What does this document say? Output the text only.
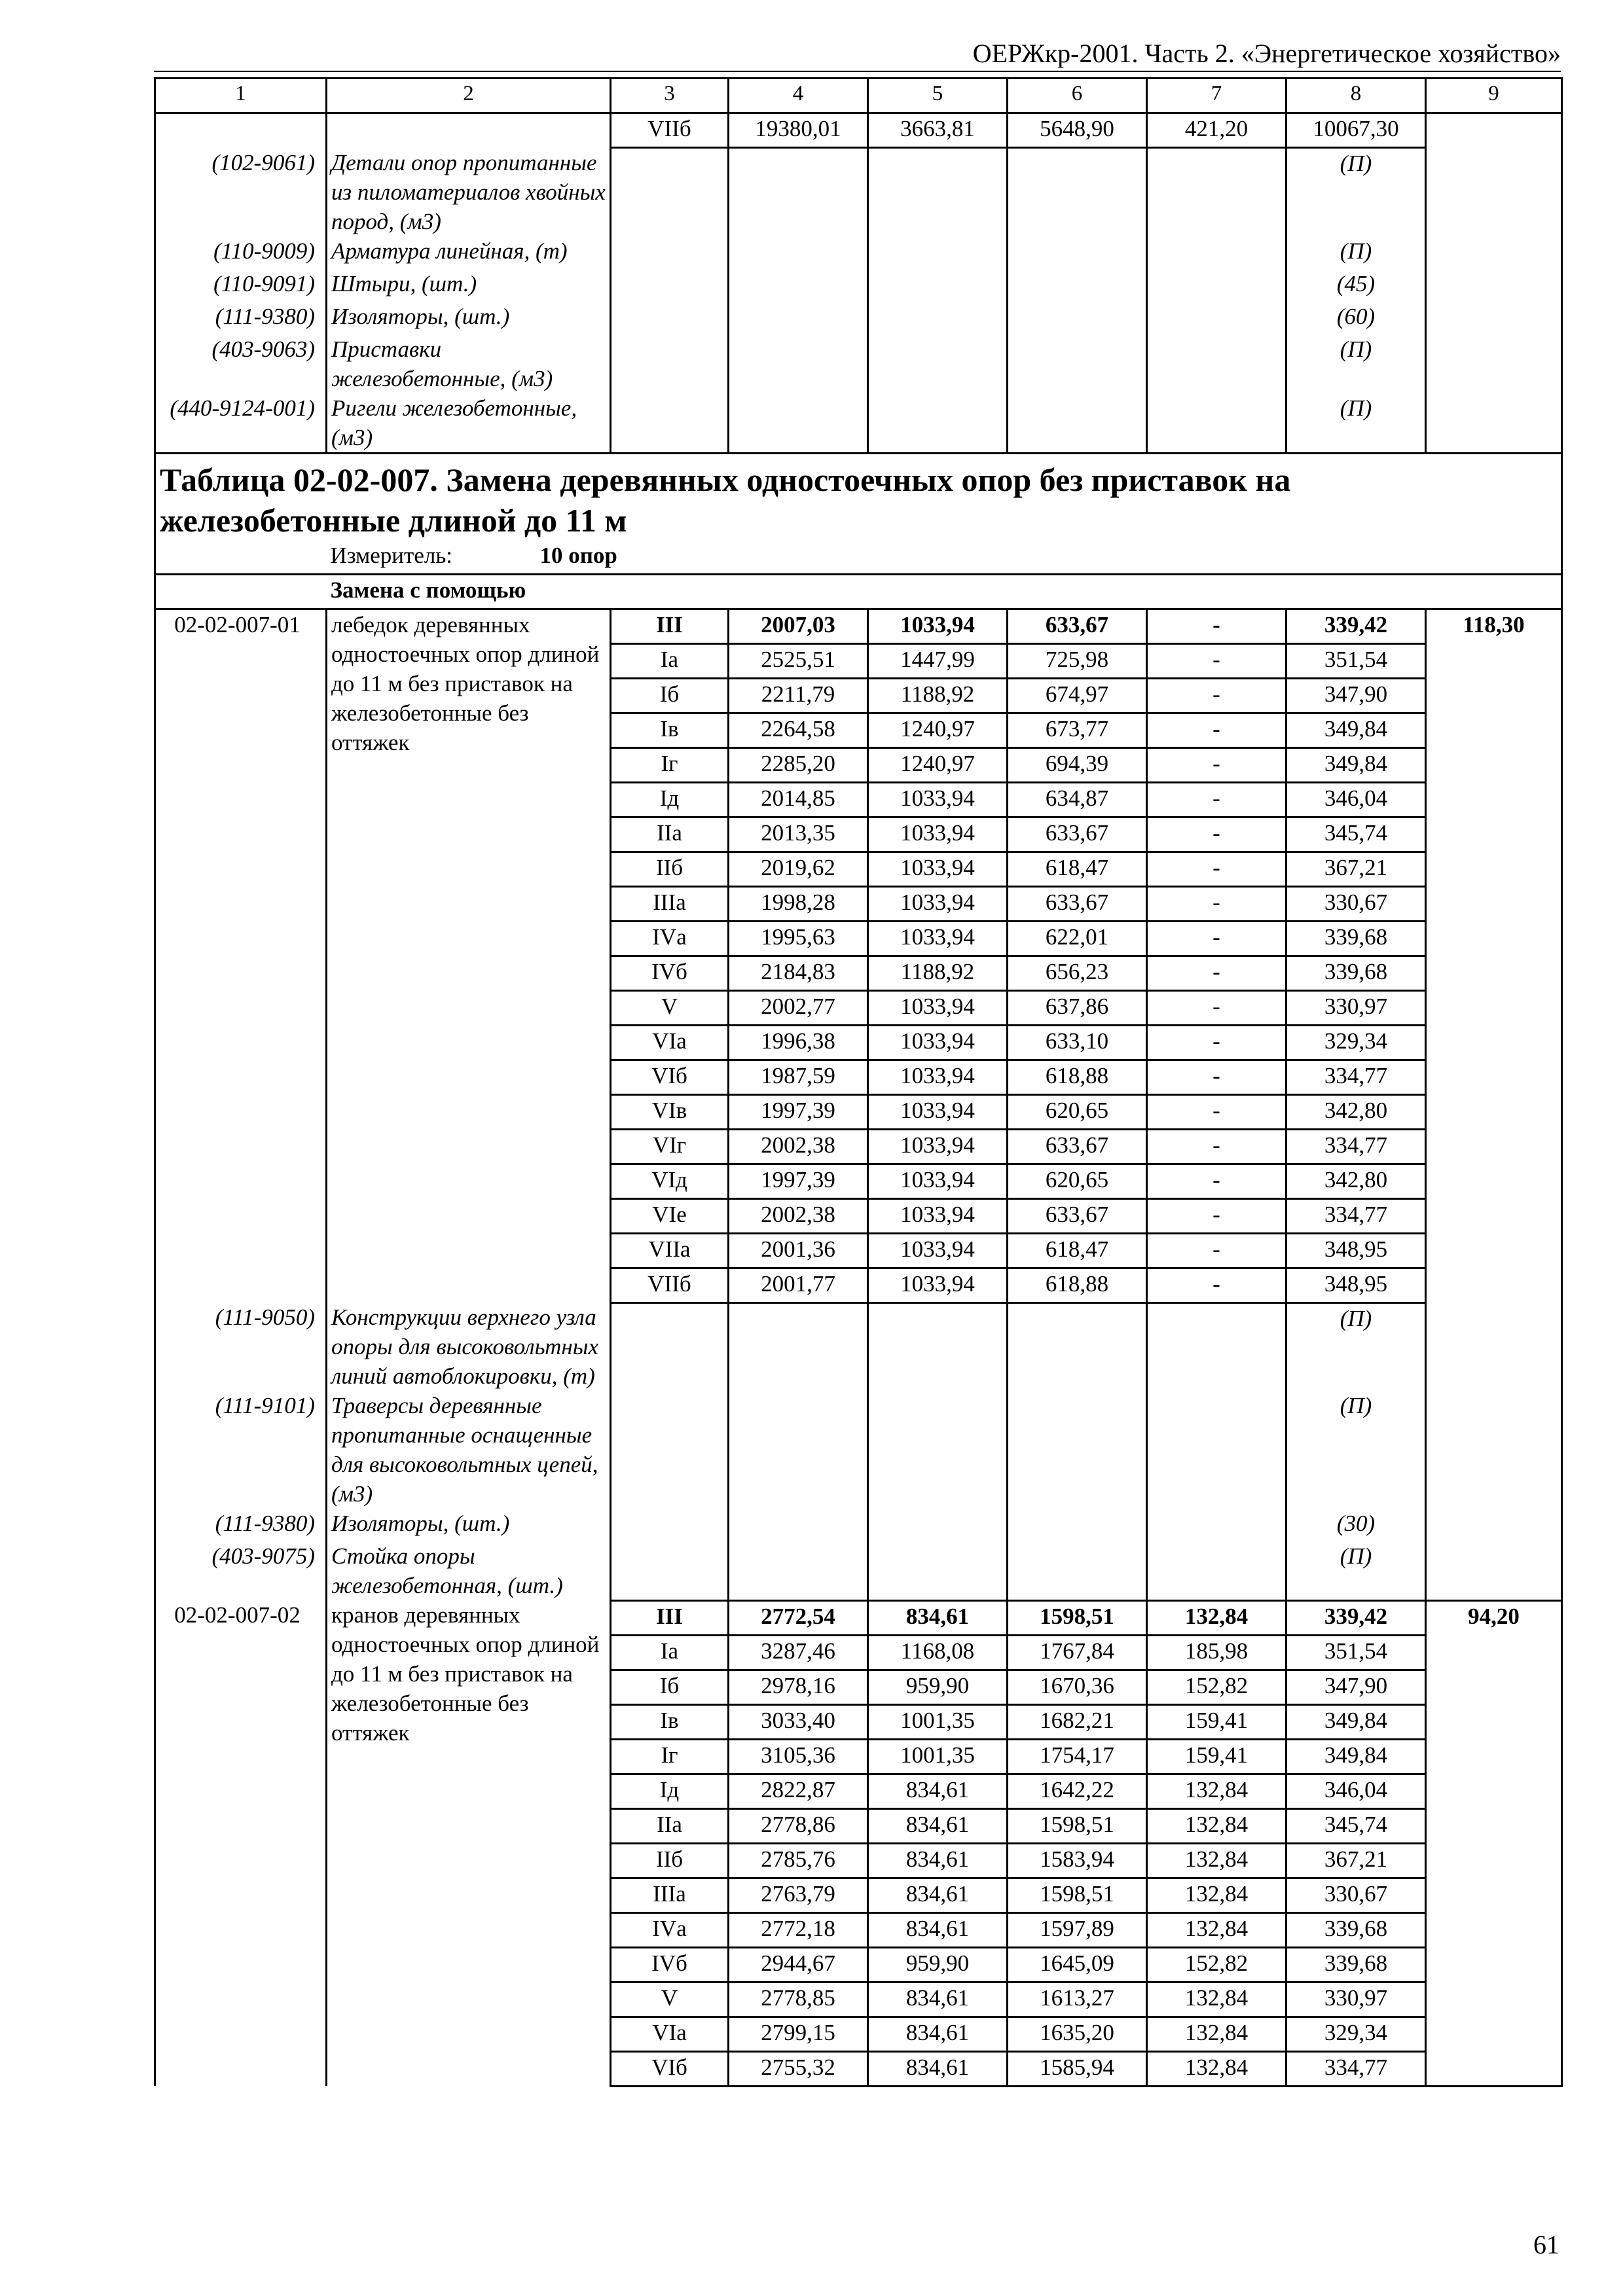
ОЕРЖкр-2001. Часть 2. «Энергетическое хозяйство»
1	2	3	4	5	6	7	8	9
		VIIб	19380,01	3663,81	5648,90	421,20	10067,30	
(102-9061)	Детали опор пропитанные из пиломатериалов хвойных пород, (м3)						(П)	
(110-9009)	Арматура линейная, (т)						(П)	
(110-9091)	Штыри, (шт.)						(45)	
(111-9380)	Изоляторы, (шт.)						(60)	
(403-9063)	Приставки железобетонные, (м3)						(П)	
(440-9124-001)	Ригели железобетонные, (м3)						(П)	

Таблица 02-02-007. Замена деревянных одностоечных опор без приставок на
железобетонные длиной до 11 м								

	Измеритель: 10 опор							
	Замена с помощью							
02-02-007-01	лебедок деревянных одностоечных опор длиной до 11 м без приставок на железобетонные без оттяжек	III	2007,03	1033,94	633,67	-	339,42	118,30
		Iа	2525,51	1447,99	725,98	-	351,54	
		Iб	2211,79	1188,92	674,97	-	347,90	
		Iв	2264,58	1240,97	673,77	-	349,84	
		Iг	2285,20	1240,97	694,39	-	349,84	
		Iд	2014,85	1033,94	634,87	-	346,04	
		IIа	2013,35	1033,94	633,67	-	345,74	
		IIб	2019,62	1033,94	618,47	-	367,21	
		IIIа	1998,28	1033,94	633,67	-	330,67	
		IVа	1995,63	1033,94	622,01	-	339,68	
		IVб	2184,83	1188,92	656,23	-	339,68	
		V	2002,77	1033,94	637,86	-	330,97	
		VIа	1996,38	1033,94	633,10	-	329,34	
		VIб	1987,59	1033,94	618,88	-	334,77	
		VIв	1997,39	1033,94	620,65	-	342,80	
		VIг	2002,38	1033,94	633,67	-	334,77	
		VIд	1997,39	1033,94	620,65	-	342,80	
		VIе	2002,38	1033,94	633,67	-	334,77	
		VIIа	2001,36	1033,94	618,47	-	348,95	
		VIIб	2001,77	1033,94	618,88	-	348,95	
(111-9050)	Конструкции верхнего узла опоры для высоковольтных линий автоблокировки, (т)						(П)	
(111-9101)	Траверсы деревянные пропитанные оснащенные для высоковольтных цепей, (м3)						(П)	
(111-9380)	Изоляторы, (шт.)						(30)	
(403-9075)	Стойка опоры железобетонная, (шт.)						(П)	
02-02-007-02	кранов деревянных одностоечных опор длиной до 11 м без приставок на железобетонные без оттяжек	III	2772,54	834,61	1598,51	132,84	339,42	94,20
		Iа	3287,46	1168,08	1767,84	185,98	351,54	
		Iб	2978,16	959,90	1670,36	152,82	347,90	
		Iв	3033,40	1001,35	1682,21	159,41	349,84	
		Iг	3105,36	1001,35	1754,17	159,41	349,84	
		Iд	2822,87	834,61	1642,22	132,84	346,04	
		IIа	2778,86	834,61	1598,51	132,84	345,74	
		IIб	2785,76	834,61	1583,94	132,84	367,21	
		IIIа	2763,79	834,61	1598,51	132,84	330,67	
		IVа	2772,18	834,61	1597,89	132,84	339,68	
		IVб	2944,67	959,90	1645,09	152,82	339,68	
		V	2778,85	834,61	1613,27	132,84	330,97	
		VIа	2799,15	834,61	1635,20	132,84	329,34	
		VIб	2755,32	834,61	1585,94	132,84	334,77	
61
